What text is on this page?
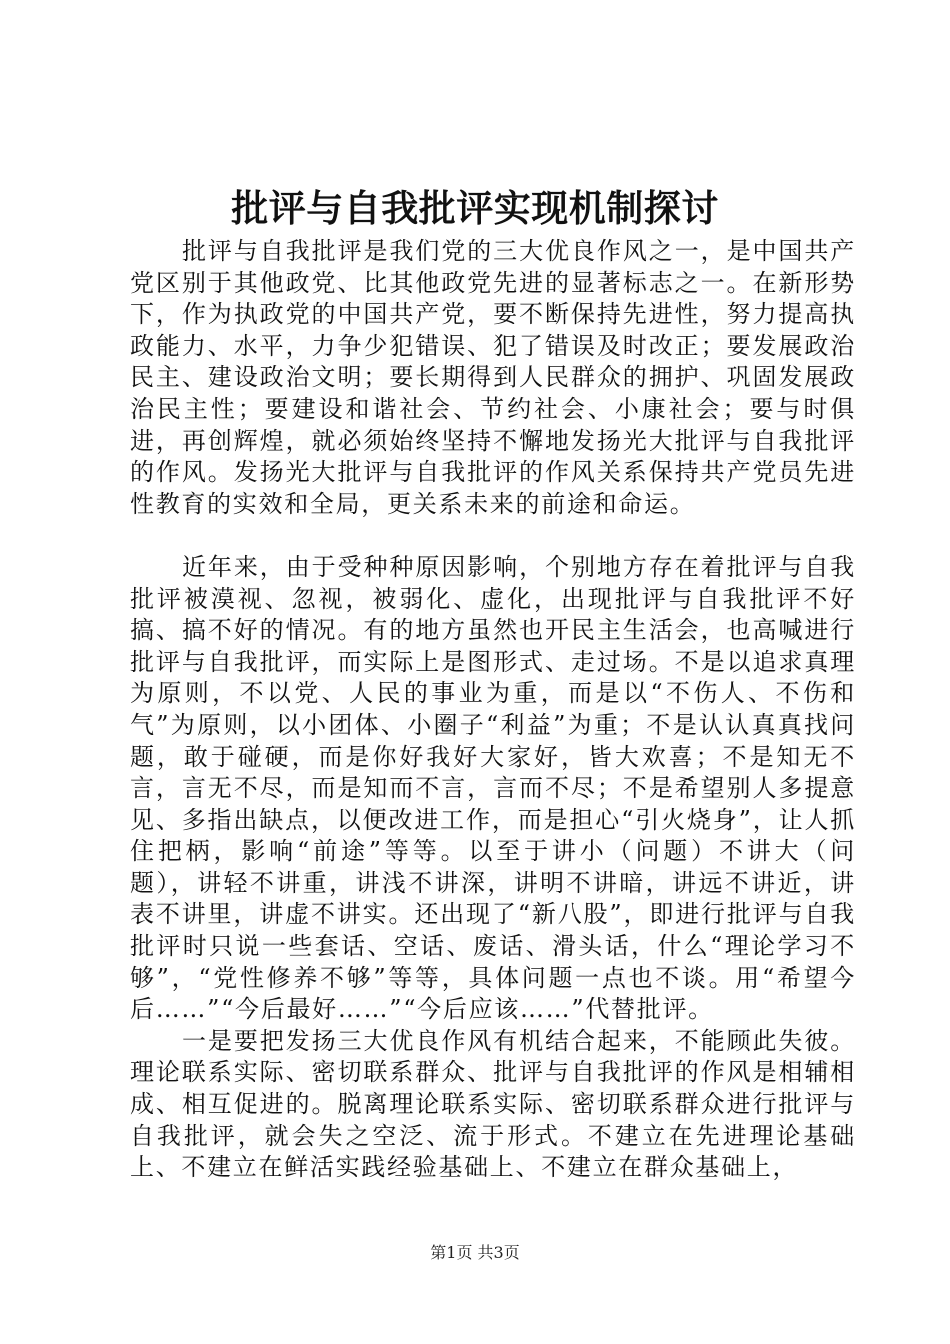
批评与自我批评实现机制探讨

批评与自我批评是我们党的三大优良作风之一，是中国共产党区别于其他政党、比其他政党先进的显著标志之一。在新形势下，作为执政党的中国共产党，要不断保持先进性，努力提高执政能力、水平，力争少犯错误、犯了错误及时改正；要发展政治民主、建设政治文明；要长期得到人民群众的拥护、巩固发展政治民主性；要建设和谐社会、节约社会、小康社会；要与时俱进，再创辉煌，就必须始终坚持不懈地发扬光大批评与自我批评的作风。发扬光大批评与自我批评的作风关系保持共产党员先进性教育的实效和全局，更关系未来的前途和命运。

近年来，由于受种种原因影响，个别地方存在着批评与自我批评被漠视、忽视，被弱化、虚化，出现批评与自我批评不好搞、搞不好的情况。有的地方虽然也开民主生活会，也高喊进行批评与自我批评，而实际上是图形式、走过场。不是以追求真理为原则，不以党、人民的事业为重，而是以“不伤人、不伤和气”为原则，以小团体、小圈子“利益”为重；不是认认真真找问题，敢于碰硬，而是你好我好大家好，皆大欢喜；不是知无不言，言无不尽，而是知而不言，言而不尽；不是希望别人多提意见、多指出缺点，以便改进工作，而是担心“引火烧身”，让人抓住把柄，影响“前途”等等。以至于讲小（问题）不讲大（问题），讲轻不讲重，讲浅不讲深，讲明不讲暗，讲远不讲近，讲表不讲里，讲虚不讲实。还出现了“新八股”，即进行批评与自我批评时只说一些套话、空话、废话、滑头话，什么“理论学习不够”，“党性修养不够”等等，具体问题一点也不谈。用“希望今后……”“今后最好……”“今后应该……”代替批评。

一是要把发扬三大优良作风有机结合起来，不能顾此失彼。理论联系实际、密切联系群众、批评与自我批评的作风是相辅相成、相互促进的。脱离理论联系实际、密切联系群众进行批评与自我批评，就会失之空泛、流于形式。不建立在先进理论基础上、不建立在鲜活实践经验基础上、不建立在群众基础上，

第1页 共3页
